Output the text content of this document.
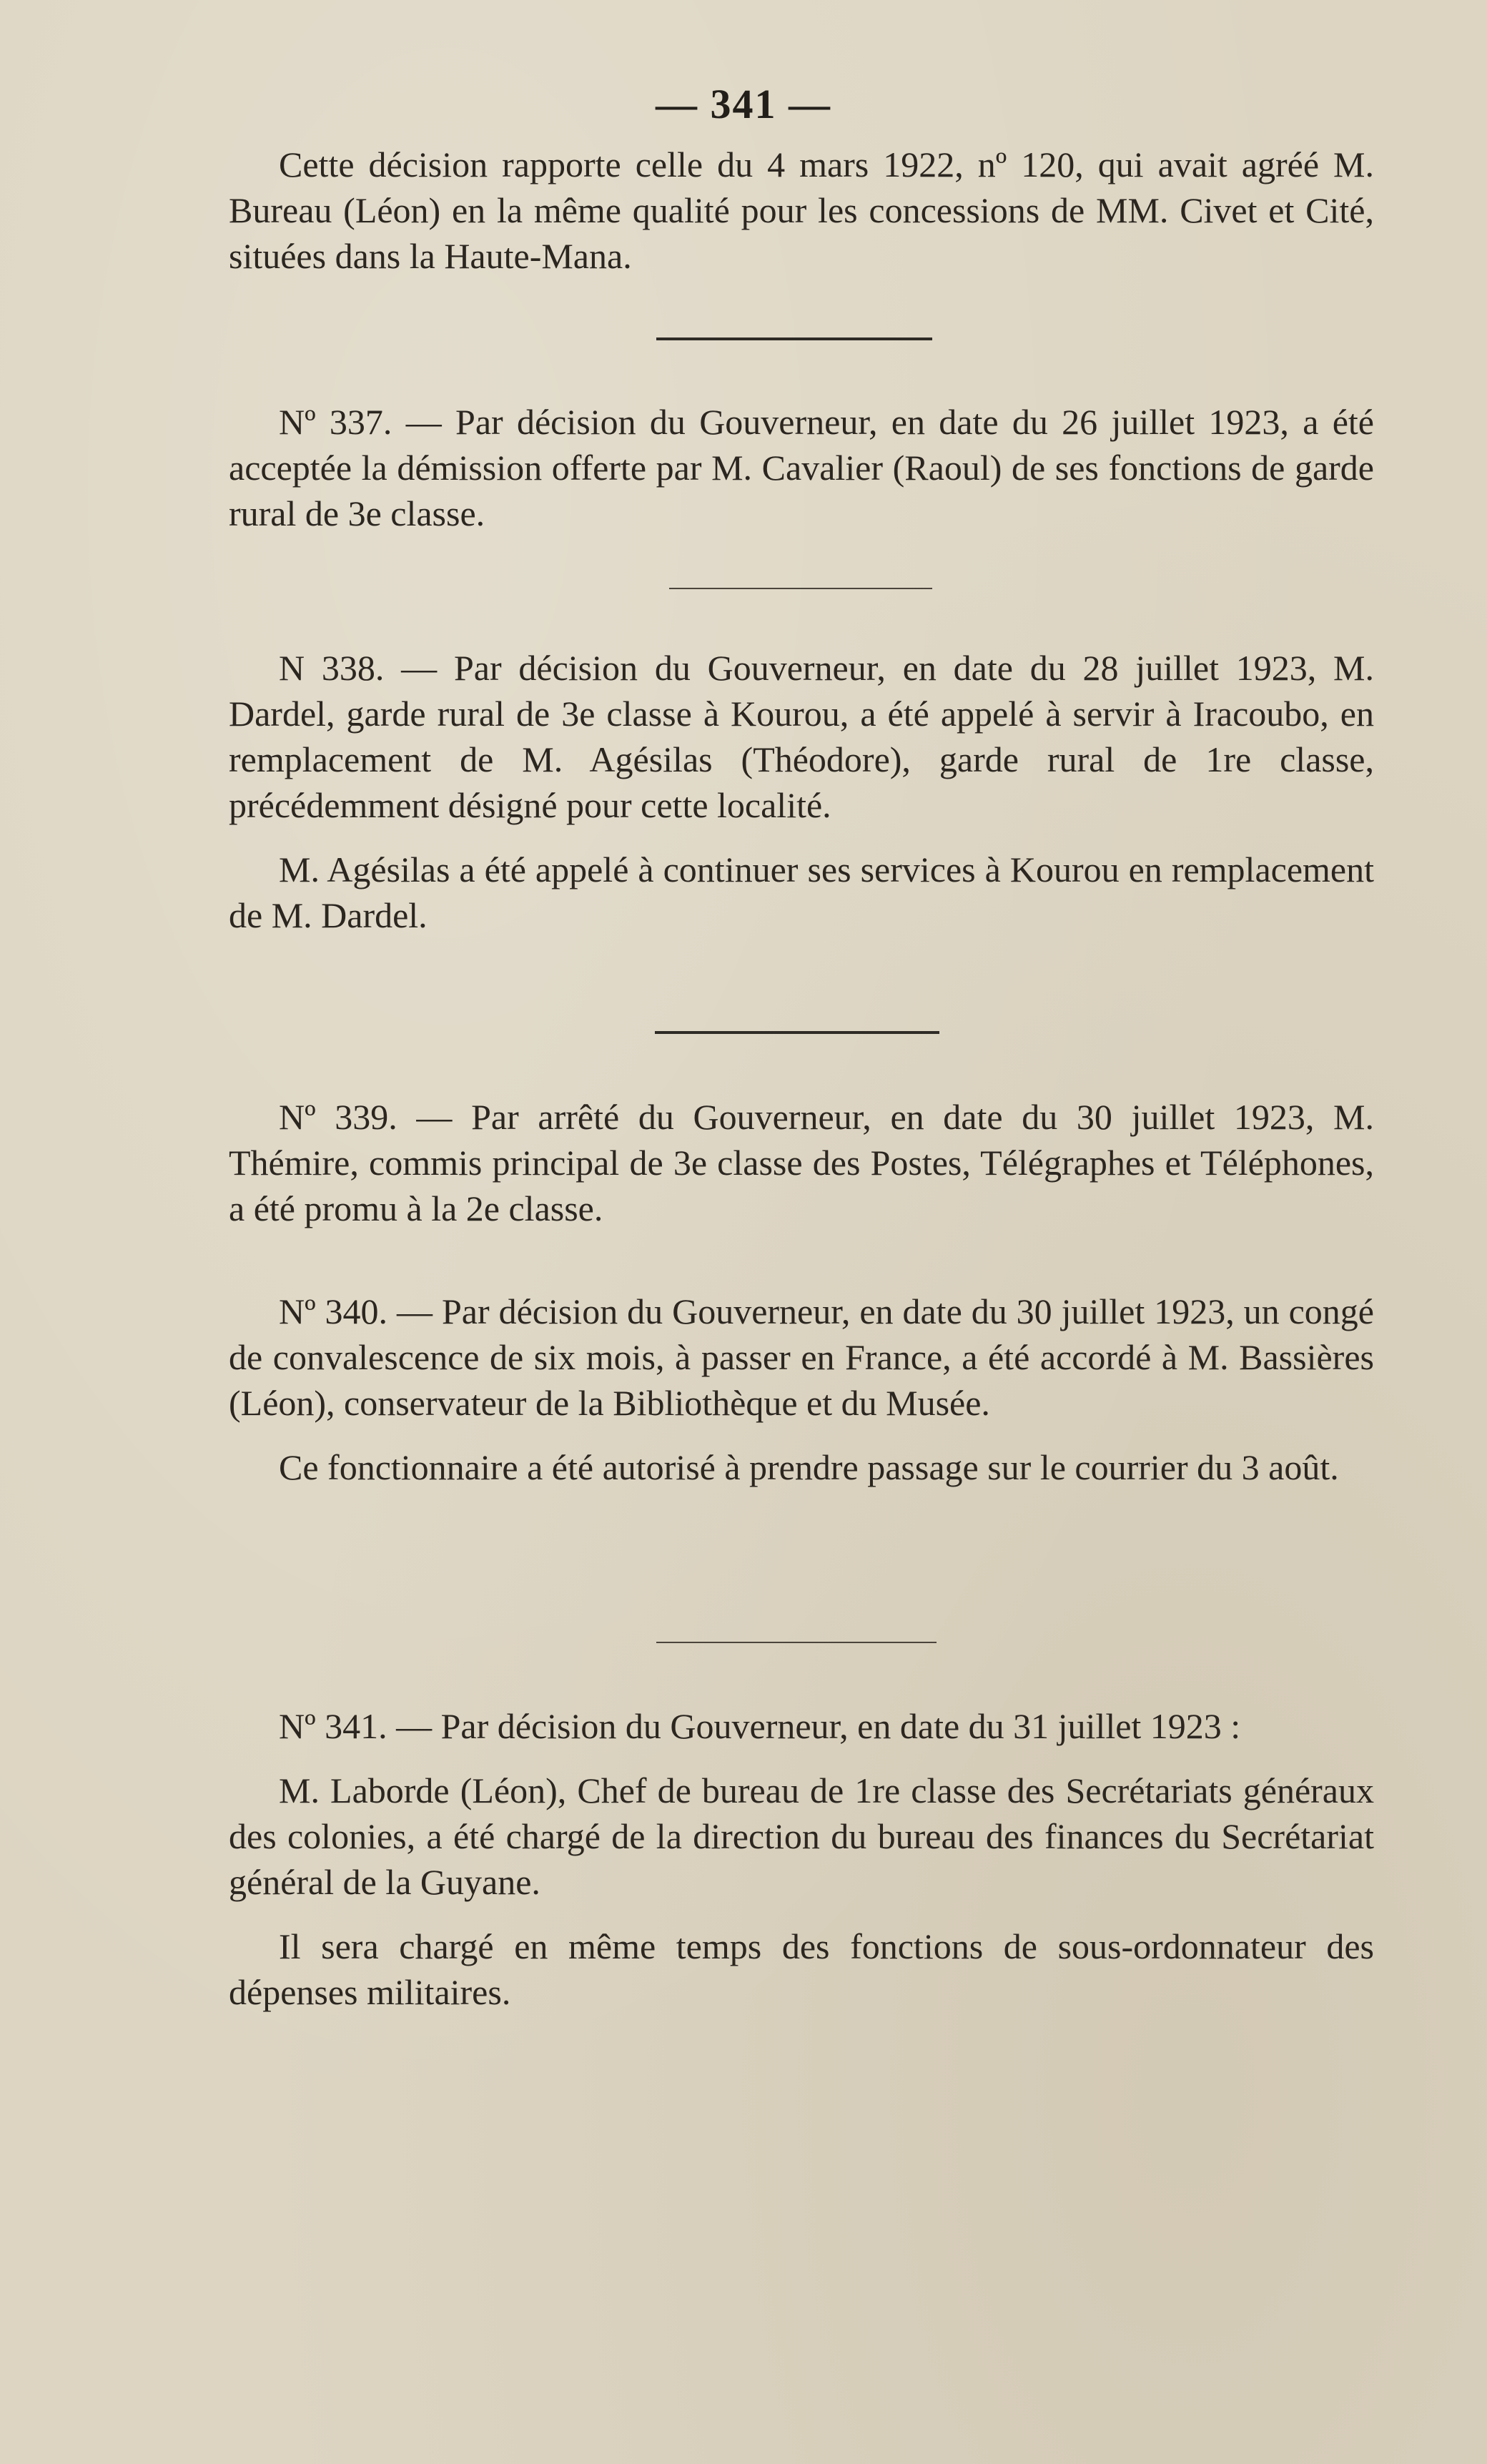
— 341 —

Cette décision rapporte celle du 4 mars 1922, nº 120, qui avait agréé M. Bureau (Léon) en la même qualité pour les concessions de MM. Civet et Cité, situées dans la Haute-Mana.

Nº 337. — Par décision du Gouverneur, en date du 26 juillet 1923, a été acceptée la démission offerte par M. Cavalier (Raoul) de ses fonctions de garde rural de 3e classe.

N 338. — Par décision du Gouverneur, en date du 28 juillet 1923, M. Dardel, garde rural de 3e classe à Kourou, a été appelé à servir à Iracoubo, en remplacement de M. Agésilas (Théodore), garde rural de 1re classe, précédemment désigné pour cette localité.

M. Agésilas a été appelé à continuer ses services à Kourou en remplacement de M. Dardel.

Nº 339. — Par arrêté du Gouverneur, en date du 30 juillet 1923, M. Thémire, commis principal de 3e classe des Postes, Télégraphes et Téléphones, a été promu à la 2e classe.

Nº 340. — Par décision du Gouverneur, en date du 30 juillet 1923, un congé de convalescence de six mois, à passer en France, a été accordé à M. Bassières (Léon), conservateur de la Bibliothèque et du Musée.

Ce fonctionnaire a été autorisé à prendre passage sur le courrier du 3 août.

Nº 341. — Par décision du Gouverneur, en date du 31 juillet 1923 :

M. Laborde (Léon), Chef de bureau de 1re classe des Secrétariats généraux des colonies, a été chargé de la direction du bureau des finances du Secrétariat général de la Guyane.

Il sera chargé en même temps des fonctions de sous-ordonnateur des dépenses militaires.
